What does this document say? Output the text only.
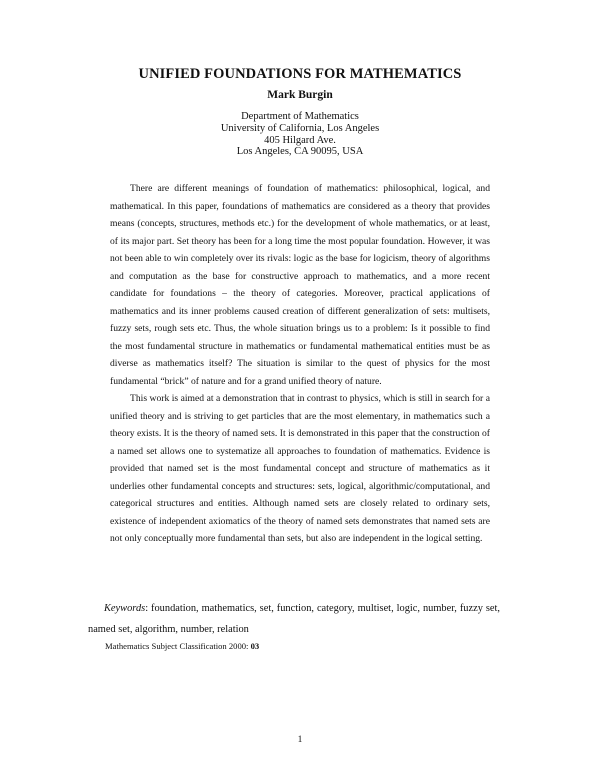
UNIFIED FOUNDATIONS FOR MATHEMATICS
Mark Burgin
Department of Mathematics
University of California, Los Angeles
405 Hilgard Ave.
Los Angeles, CA 90095, USA

There are different meanings of foundation of mathematics: philosophical, logical, and mathematical. In this paper, foundations of mathematics are considered as a theory that provides means (concepts, structures, methods etc.) for the development of whole mathematics, or at least, of its major part. Set theory has been for a long time the most popular foundation. However, it was not been able to win completely over its rivals: logic as the base for logicism, theory of algorithms and computation as the base for constructive approach to mathematics, and a more recent candidate for foundations – the theory of categories. Moreover, practical applications of mathematics and its inner problems caused creation of different generalization of sets: multisets, fuzzy sets, rough sets etc. Thus, the whole situation brings us to a problem: Is it possible to find the most fundamental structure in mathematics or fundamental mathematical entities must be as diverse as mathematics itself? The situation is similar to the quest of physics for the most fundamental “brick” of nature and for a grand unified theory of nature.

This work is aimed at a demonstration that in contrast to physics, which is still in search for a unified theory and is striving to get particles that are the most elementary, in mathematics such a theory exists. It is the theory of named sets. It is demonstrated in this paper that the construction of a named set allows one to systematize all approaches to foundation of mathematics. Evidence is provided that named set is the most fundamental concept and structure of mathematics as it underlies other fundamental concepts and structures: sets, logical, algorithmic/computational, and categorical structures and entities. Although named sets are closely related to ordinary sets, existence of independent axiomatics of the theory of named sets demonstrates that named sets are not only conceptually more fundamental than sets, but also are independent in the logical setting.

Keywords: foundation, mathematics, set, function, category, multiset, logic, number, fuzzy set, named set, algorithm, number, relation
Mathematics Subject Classification 2000: 03
1
